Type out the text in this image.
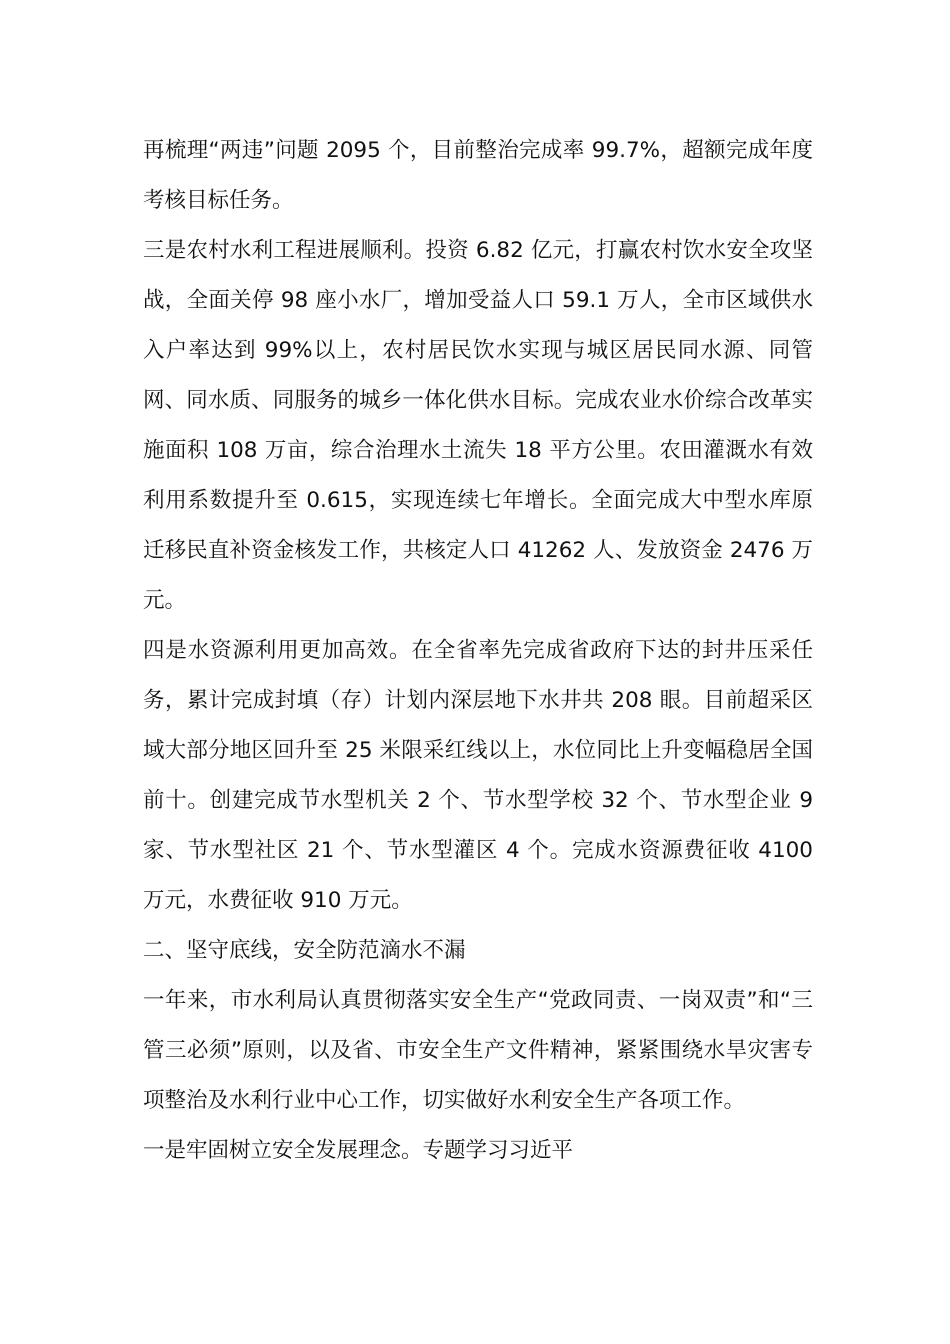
再梳理“两违”问题 2095 个，目前整治完成率 99.7%，超额完成年度考核目标任务。

三是农村水利工程进展顺利。投资 6.82 亿元，打赢农村饮水安全攻坚战，全面关停 98 座小水厂，增加受益人口 59.1 万人，全市区域供水入户率达到 99%以上，农村居民饮水实现与城区居民同水源、同管网、同水质、同服务的城乡一体化供水目标。完成农业水价综合改革实施面积 108 万亩，综合治理水土流失 18 平方公里。农田灌溉水有效利用系数提升至 0.615，实现连续七年增长。全面完成大中型水库原迁移民直补资金核发工作，共核定人口 41262 人、发放资金 2476 万元。

四是水资源利用更加高效。在全省率先完成省政府下达的封井压采任务，累计完成封填（存）计划内深层地下水井共 208 眼。目前超采区域大部分地区回升至 25 米限采红线以上，水位同比上升变幅稳居全国前十。创建完成节水型机关 2 个、节水型学校 32 个、节水型企业 9 家、节水型社区 21 个、节水型灌区 4 个。完成水资源费征收 4100 万元，水费征收 910 万元。

二、坚守底线，安全防范滴水不漏

一年来，市水利局认真贯彻落实安全生产“党政同责、一岗双责”和“三管三必须”原则，以及省、市安全生产文件精神，紧紧围绕水旱灾害专项整治及水利行业中心工作，切实做好水利安全生产各项工作。

一是牢固树立安全发展理念。专题学习习近平
